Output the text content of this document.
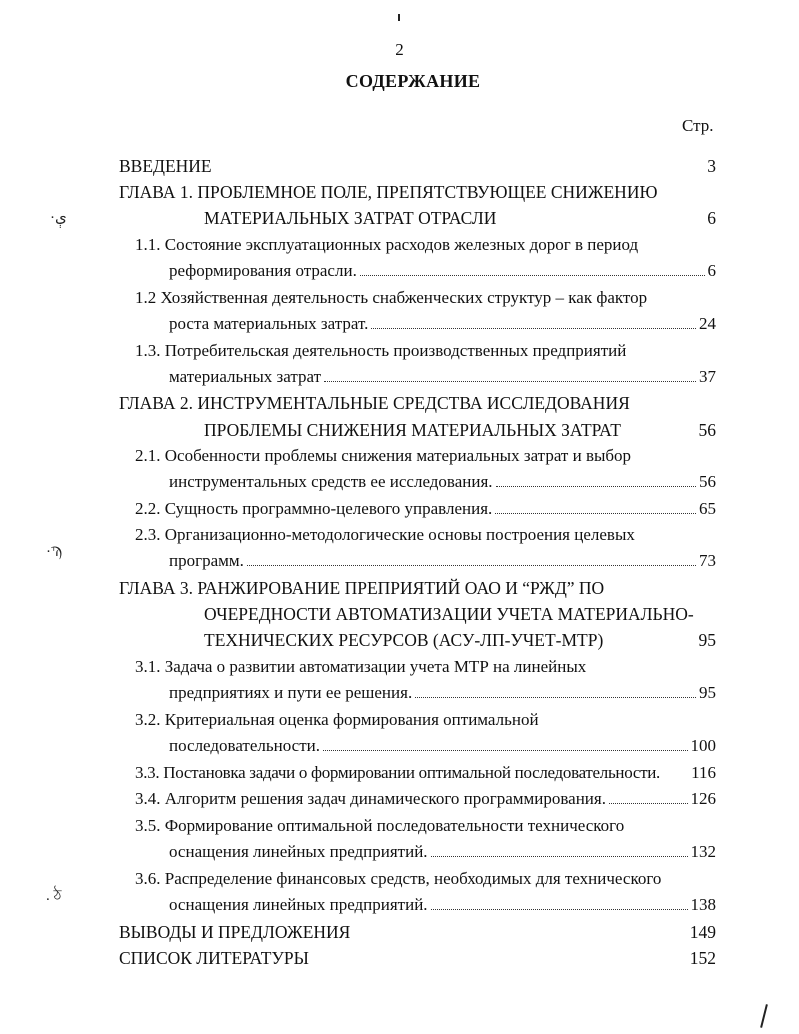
·ﯤ
·Ϡ
. ঠ
2
СОДЕРЖАНИЕ
Стр.
ВВЕДЕНИЕ	3
ГЛАВА 1. ПРОБЛЕМНОЕ ПОЛЕ, ПРЕПЯТСТВУЮЩЕЕ СНИЖЕНИЮ
МАТЕРИАЛЬНЫХ ЗАТРАТ ОТРАСЛИ	6
1.1. Состояние эксплуатационных расходов железных дорог в период
реформирования отрасли.	6
1.2 Хозяйственная деятельность снабженческих структур – как фактор
роста материальных затрат.	24
1.3. Потребительская деятельность производственных предприятий
материальных затрат	37
ГЛАВА 2. ИНСТРУМЕНТАЛЬНЫЕ СРЕДСТВА ИССЛЕДОВАНИЯ
ПРОБЛЕМЫ СНИЖЕНИЯ МАТЕРИАЛЬНЫХ ЗАТРАТ	56
2.1. Особенности проблемы снижения материальных затрат и выбор
инструментальных средств ее исследования.	56
2.2. Сущность программно-целевого управления.	65
2.3. Организационно-методологические основы построения целевых
программ.	73
ГЛАВА 3. РАНЖИРОВАНИЕ ПРЕПРИЯТИЙ ОАО И “РЖД” ПО
ОЧЕРЕДНОСТИ АВТОМАТИЗАЦИИ УЧЕТА МАТЕРИАЛЬНО-
ТЕХНИЧЕСКИХ РЕСУРСОВ (АСУ-ЛП-УЧЕТ-МТР)	95
3.1. Задача о развитии автоматизации учета МТР на линейных
предприятиях и пути ее решения.	95
3.2. Критериальная оценка формирования оптимальной
последовательности.	100
3.3. Постановка задачи о формировании оптимальной последовательности. 116
3.4. Алгоритм решения задач динамического программирования.	126
3.5. Формирование оптимальной последовательности технического
оснащения линейных предприятий.	132
3.6. Распределение финансовых средств, необходимых для технического
оснащения линейных предприятий.	138
ВЫВОДЫ И ПРЕДЛОЖЕНИЯ	149
СПИСОК ЛИТЕРАТУРЫ	152
